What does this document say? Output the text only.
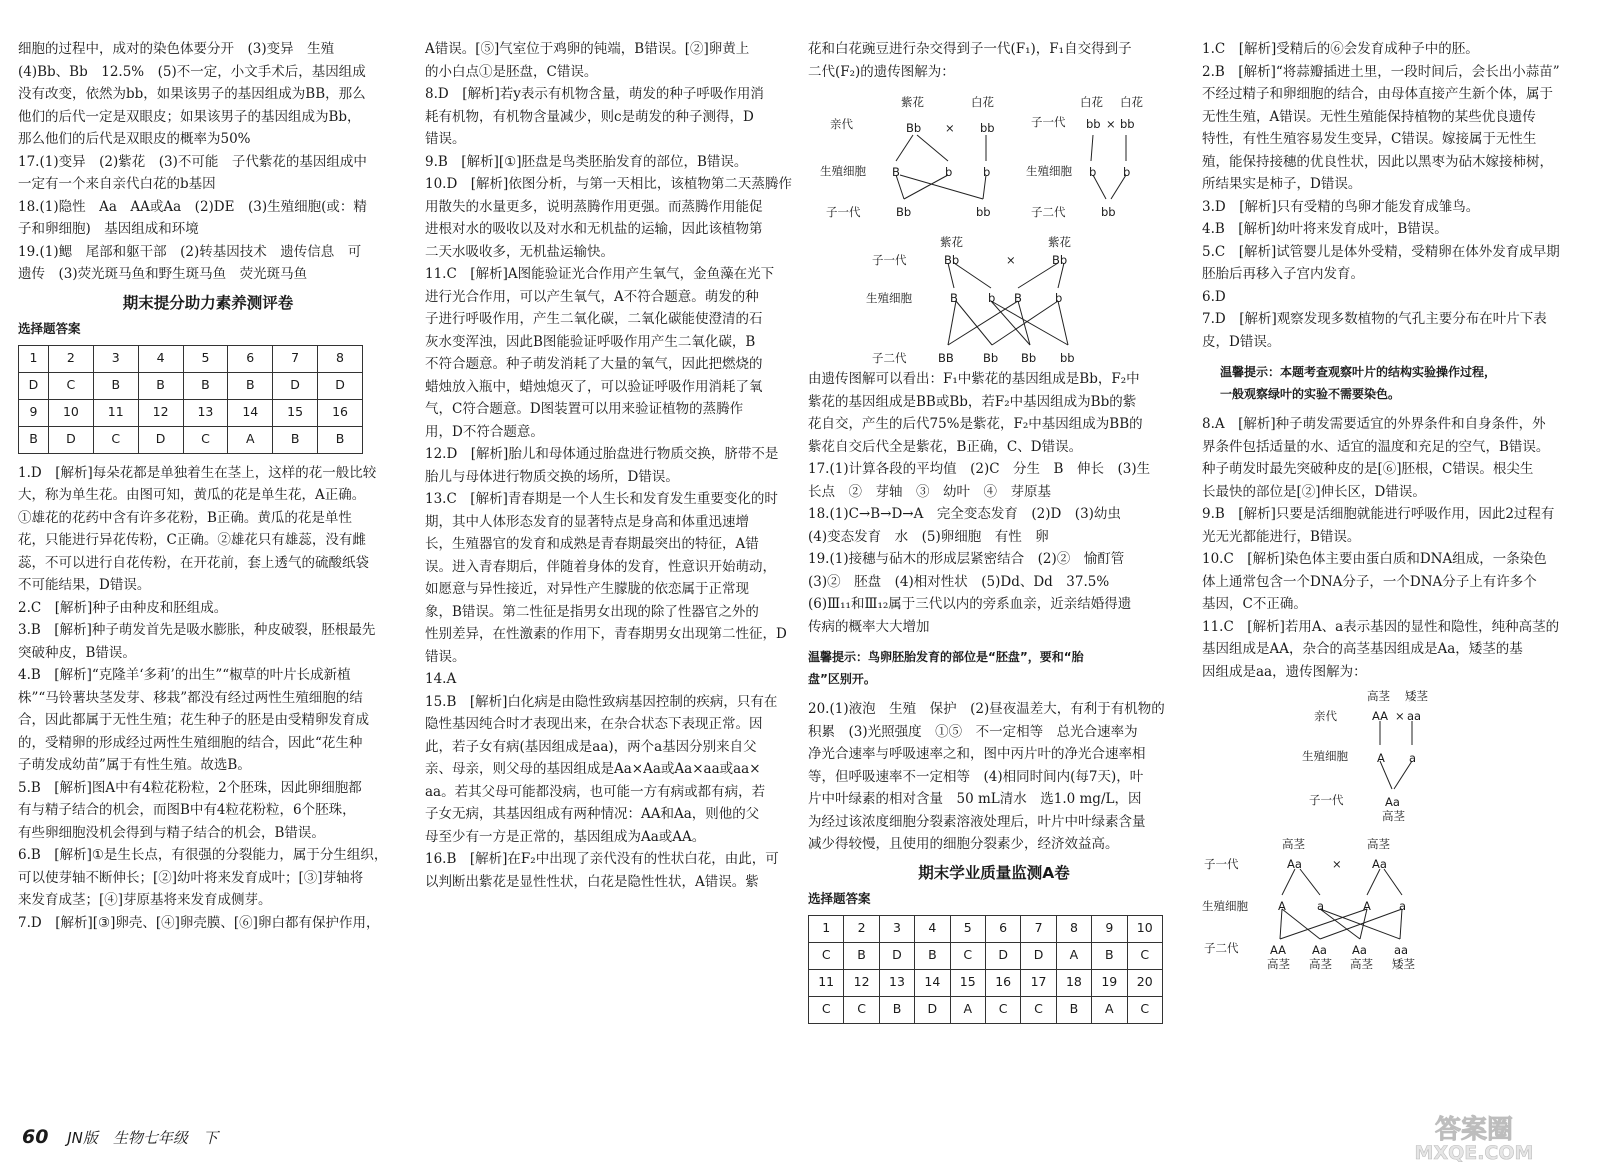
细胞的过程中，成对的染色体要分开　(3)变异　生殖

(4)Bb、Bb　12.5%　(5)不一定，小文手术后，基因组成

没有改变，依然为bb，如果该男子的基因组成为BB，那么

他们的后代一定是双眼皮；如果该男子的基因组成为Bb，

那么他们的后代是双眼皮的概率为50%

17.(1)变异　(2)紫花　(3)不可能　子代紫花的基因组成中

一定有一个来自亲代白花的b基因

18.(1)隐性　Aa　AA或Aa　(2)DE　(3)生殖细胞(或：精

子和卵细胞)　基因组成和环境

19.(1)鳃　尾部和躯干部　(2)转基因技术　遗传信息　可

遗传　(3)荧光斑马鱼和野生斑马鱼　荧光斑马鱼

期末提分助力素养测评卷
选择题答案
1	2	3	4	5	6	7	8
D	C	B	B	B	B	D	D
9	10	11	12	13	14	15	16
B	D	C	D	C	A	B	B

1.D　[解析]每朵花都是单独着生在茎上，这样的花一般比较

大，称为单生花。由图可知，黄瓜的花是单生花，A正确。

①雄花的花药中含有许多花粉，B正确。黄瓜的花是单性

花，只能进行异花传粉，C正确。②雄花只有雄蕊，没有雌

蕊，不可以进行自花传粉，在开花前，套上透气的硫酸纸袋

不可能结果，D错误。

2.C　[解析]种子由种皮和胚组成。

3.B　[解析]种子萌发首先是吸水膨胀，种皮破裂，胚根最先

突破种皮，B错误。

4.B　[解析]“克隆羊‘多莉’的出生”“椒草的叶片长成新植

株”“马铃薯块茎发芽、移栽”都没有经过两性生殖细胞的结

合，因此都属于无性生殖；花生种子的胚是由受精卵发育成

的，受精卵的形成经过两性生殖细胞的结合，因此“花生种

子萌发成幼苗”属于有性生殖。故选B。

5.B　[解析]图A中有4粒花粉粒，2个胚珠，因此卵细胞都

有与精子结合的机会，而图B中有4粒花粉粒，6个胚珠，

有些卵细胞没机会得到与精子结合的机会，B错误。

6.B　[解析]①是生长点，有很强的分裂能力，属于分生组织，

可以使芽轴不断伸长；[②]幼叶将来发育成叶；[③]芽轴将

来发育成茎；[④]芽原基将来发育成侧芽。

7.D　[解析][③]卵壳、[④]卵壳膜、[⑥]卵白都有保护作用，

A错误。[⑤]气室位于鸡卵的钝端，B错误。[②]卵黄上

的小白点①是胚盘，C错误。

8.D　[解析]若y表示有机物含量，萌发的种子呼吸作用消

耗有机物，有机物含量减少，则c是萌发的种子测得，D

错误。

9.B　[解析][①]胚盘是鸟类胚胎发育的部位，B错误。

10.D　[解析]依图分析，与第一天相比，该植物第二天蒸腾作

用散失的水量更多，说明蒸腾作用更强。而蒸腾作用能促

进根对水的吸收以及对水和无机盐的运输，因此该植物第

二天水吸收多，无机盐运输快。

11.C　[解析]A图能验证光合作用产生氧气，金鱼藻在光下

进行光合作用，可以产生氧气，A不符合题意。萌发的种

子进行呼吸作用，产生二氧化碳，二氧化碳能使澄清的石

灰水变浑浊，因此B图能验证呼吸作用产生二氧化碳，B

不符合题意。种子萌发消耗了大量的氧气，因此把燃烧的

蜡烛放入瓶中，蜡烛熄灭了，可以验证呼吸作用消耗了氧

气，C符合题意。D图装置可以用来验证植物的蒸腾作

用，D不符合题意。

12.D　[解析]胎儿和母体通过胎盘进行物质交换，脐带不是

胎儿与母体进行物质交换的场所，D错误。

13.C　[解析]青春期是一个人生长和发育发生重要变化的时

期，其中人体形态发育的显著特点是身高和体重迅速增

长，生殖器官的发育和成熟是青春期最突出的特征，A错

误。进入青春期后，伴随着身体的发育，性意识开始萌动，

如愿意与异性接近，对异性产生朦胧的依恋属于正常现

象，B错误。第二性征是指男女出现的除了性器官之外的

性别差异，在性激素的作用下，青春期男女出现第二性征，D

错误。

14.A

15.B　[解析]白化病是由隐性致病基因控制的疾病，只有在

隐性基因纯合时才表现出来，在杂合状态下表现正常。因

此，若子女有病(基因组成是aa)，两个a基因分别来自父

亲、母亲，则父母的基因组成是Aa×Aa或Aa×aa或aa×

aa。若其父母可能都没病，也可能一方有病或都有病，若

子女无病，其基因组成有两种情况：AA和Aa，则他的父

母至少有一方是正常的，基因组成为Aa或AA。

16.B　[解析]在F₂中出现了亲代没有的性状白花，由此，可

以判断出紫花是显性性状，白花是隐性性状，A错误。紫

花和白花豌豆进行杂交得到子一代(F₁)，F₁自交得到子

二代(F₂)的遗传图解为：

紫花	白花
亲代	Bb × bb
生殖细胞 B	b	b
子一代	Bb	bb
白花 白花
子一代 bb × bb
生殖细胞 b b
子二代	bb
紫花	紫花
子一代	Bb	×	Bb
生殖细胞	B	b B	b
子二代	BB	Bb Bb bb

由遗传图解可以看出：F₁中紫花的基因组成是Bb，F₂中

紫花的基因组成是BB或Bb，若F₂中基因组成为Bb的紫

花自交，产生的后代75%是紫花，F₂中基因组成为BB的

紫花自交后代全是紫花，B正确，C、D错误。

17.(1)计算各段的平均值　(2)C　分生　B　伸长　(3)生

长点　②　芽轴　③　幼叶　④　芽原基

18.(1)C→B→D→A　完全变态发育　(2)D　(3)幼虫

(4)变态发育　水　(5)卵细胞　有性　卵

19.(1)接穗与砧木的形成层紧密结合　(2)②　愉酊管

(3)②　胚盘　(4)相对性状　(5)Dd、Dd　37.5%

(6)Ⅲ₁₁和Ⅲ₁₂属于三代以内的旁系血亲，近亲结婚得遗

传病的概率大大增加

温馨提示：鸟卵胚胎发育的部位是“胚盘”，要和“胎
盘”区别开。

20.(1)液泡　生殖　保护　(2)昼夜温差大，有利于有机物的

积累　(3)光照强度　①⑤　不一定相等　总光合速率为

净光合速率与呼吸速率之和，图中丙片叶的净光合速率相

等，但呼吸速率不一定相等　(4)相同时间内(每7天)，叶

片中叶绿素的相对含量　50 mL清水　选1.0 mg/L，因

为经过该浓度细胞分裂素溶液处理后，叶片中叶绿素含量

减少得较慢，且使用的细胞分裂素少，经济效益高。

期末学业质量监测A卷
选择题答案
1	2	3	4	5	6	7	8	9	10
C	B	D	B	C	D	D	A	B	C
11	12	13	14	15	16	17	18	19	20
C	C	B	D	A	C	C	B	A	C

1.C　[解析]受精后的⑥会发育成种子中的胚。

2.B　[解析]“将蒜瓣插进土里，一段时间后，会长出小蒜苗”

不经过精子和卵细胞的结合，由母体直接产生新个体，属于

无性生殖，A错误。无性生殖能保持植物的某些优良遗传

特性，有性生殖容易发生变异，C错误。嫁接属于无性生

殖，能保持接穗的优良性状，因此以黑枣为砧木嫁接柿树，

所结果实是柿子，D错误。

3.D　[解析]只有受精的鸟卵才能发育成雏鸟。

4.B　[解析]幼叶将来发育成叶，B错误。

5.C　[解析]试管婴儿是体外受精，受精卵在体外发育成早期

胚胎后再移入子宫内发育。

6.D

7.D　[解析]观察发现多数植物的气孔主要分布在叶片下表

皮，D错误。

温馨提示：本题考查观察叶片的结构实验操作过程，
一般观察绿叶的实验不需要染色。

8.A　[解析]种子萌发需要适宜的外界条件和自身条件，外

界条件包括适量的水、适宜的温度和充足的空气，B错误。

种子萌发时最先突破种皮的是[⑥]胚根，C错误。根尖生

长最快的部位是[②]伸长区，D错误。

9.B　[解析]只要是活细胞就能进行呼吸作用，因此2过程有

光无光都能进行，B错误。

10.C　[解析]染色体主要由蛋白质和DNA组成，一条染色

体上通常包含一个DNA分子，一个DNA分子上有许多个

基因，C不正确。

11.C　[解析]若用A、a表示基因的显性和隐性，纯种高茎的

基因组成是AA，杂合的高茎基因组成是Aa，矮茎的基

因组成是aa，遗传图解为：

高茎 矮茎
亲代	AA × aa
生殖细胞	A a
子一代	Aa
高茎
高茎	高茎
子一代	Aa	×	Aa
生殖细胞	A	a	A a
子二代	AA Aa Aa aa
高茎 高茎 高茎 矮茎
60 JN版　生物七年级　下	答案圈
MXQE.COM
